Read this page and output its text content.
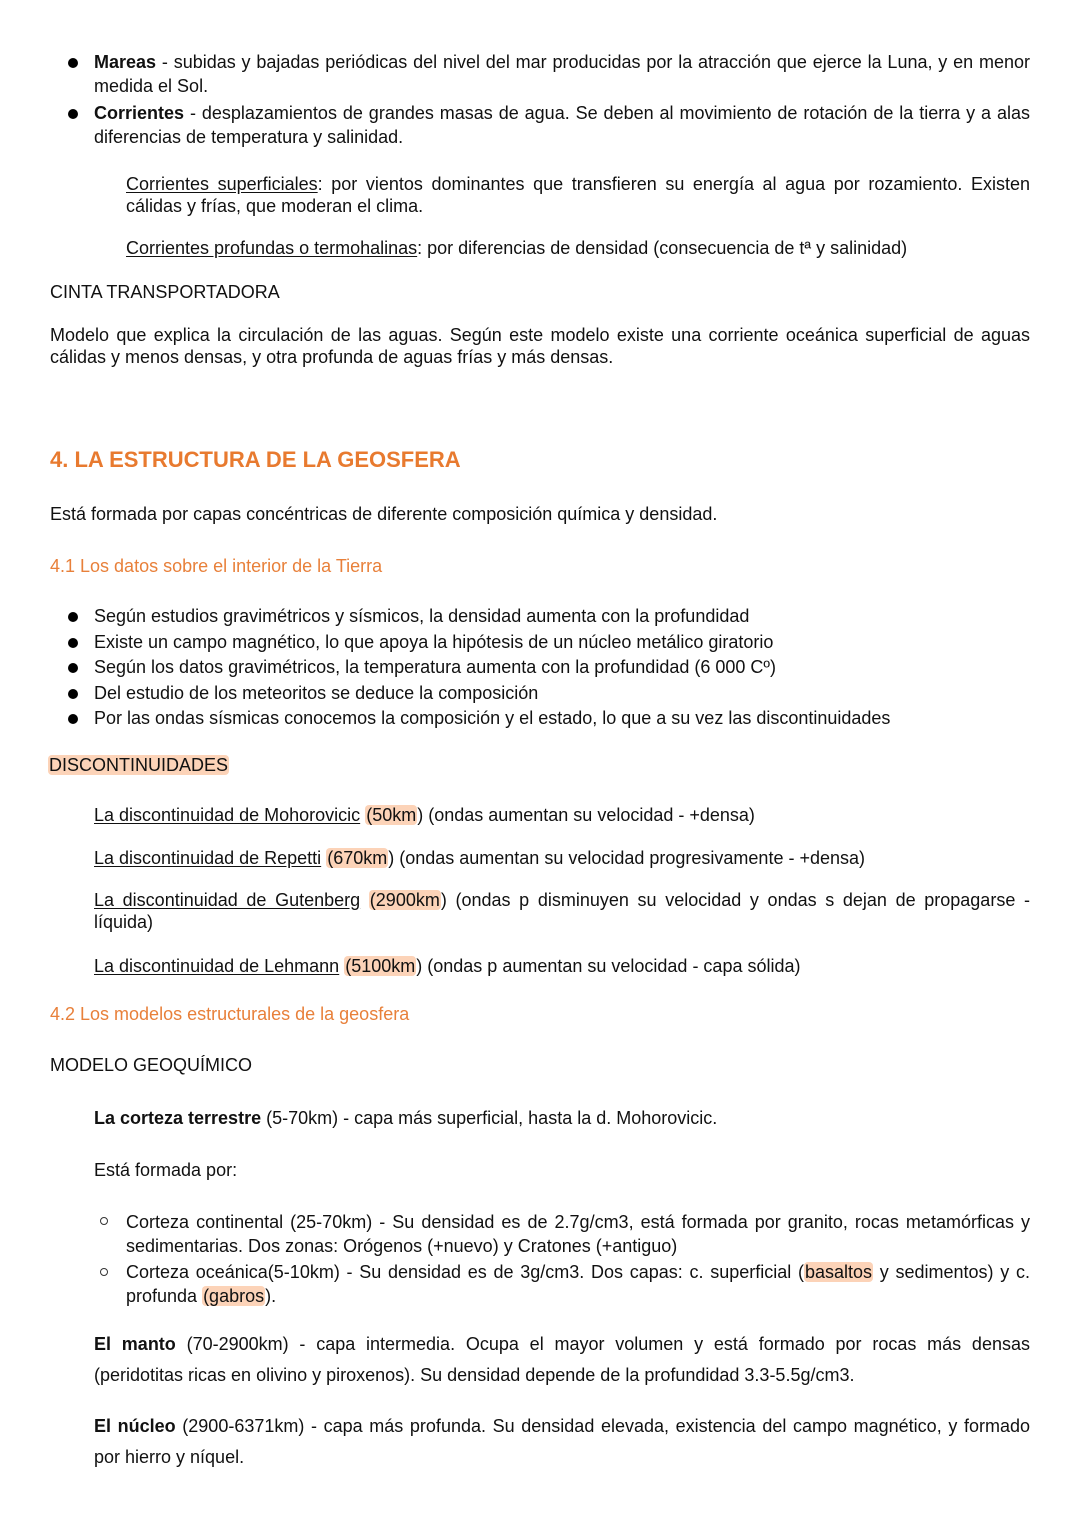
Mareas - subidas y bajadas periódicas del nivel del mar producidas por la atracción que ejerce la Luna, y en menor medida el Sol.
Corrientes - desplazamientos de grandes masas de agua. Se deben al movimiento de rotación de la tierra y a alas diferencias de temperatura y salinidad.
Corrientes superficiales: por vientos dominantes que transfieren su energía al agua por rozamiento. Existen cálidas y frías, que moderan el clima.
Corrientes profundas o termohalinas: por diferencias de densidad (consecuencia de tª y salinidad)
CINTA TRANSPORTADORA
Modelo que explica la circulación de las aguas. Según este modelo existe una corriente oceánica superficial de aguas cálidas y menos densas, y otra profunda de aguas frías y más densas.
4. LA ESTRUCTURA DE LA GEOSFERA
Está formada por capas concéntricas de diferente composición química y densidad.
4.1 Los datos sobre el interior de la Tierra
Según estudios gravimétricos y sísmicos, la densidad aumenta con la profundidad
Existe un campo magnético, lo que apoya la hipótesis de un núcleo metálico giratorio
Según los datos gravimétricos, la temperatura aumenta con la profundidad (6 000 Cº)
Del estudio de los meteoritos se deduce la composición
Por las ondas sísmicas conocemos la composición y el estado, lo que a su vez las discontinuidades
DISCONTINUIDADES
La discontinuidad de Mohorovicic (50km) (ondas aumentan su velocidad - +densa)
La discontinuidad de Repetti (670km) (ondas aumentan su velocidad progresivamente - +densa)
La discontinuidad de Gutenberg (2900km) (ondas p disminuyen su velocidad y ondas s dejan de propagarse - líquida)
La discontinuidad de Lehmann (5100km) (ondas p aumentan su velocidad - capa sólida)
4.2 Los modelos estructurales de la geosfera
MODELO GEOQUÍMICO
La corteza terrestre (5-70km) - capa más superficial, hasta la d. Mohorovicic.
Está formada por:
Corteza continental (25-70km) - Su densidad es de 2.7g/cm3, está formada por granito, rocas metamórficas y sedimentarias. Dos zonas: Orógenos (+nuevo) y Cratones (+antiguo)
Corteza oceánica(5-10km) - Su densidad es de 3g/cm3. Dos capas: c. superficial (basaltos y sedimentos) y c. profunda (gabros).
El manto (70-2900km) - capa intermedia. Ocupa el mayor volumen y está formado por rocas más densas (peridotitas ricas en olivino y piroxenos). Su densidad depende de la profundidad 3.3-5.5g/cm3.
El núcleo (2900-6371km) - capa más profunda. Su densidad elevada, existencia del campo magnético, y formado por hierro y níquel.
